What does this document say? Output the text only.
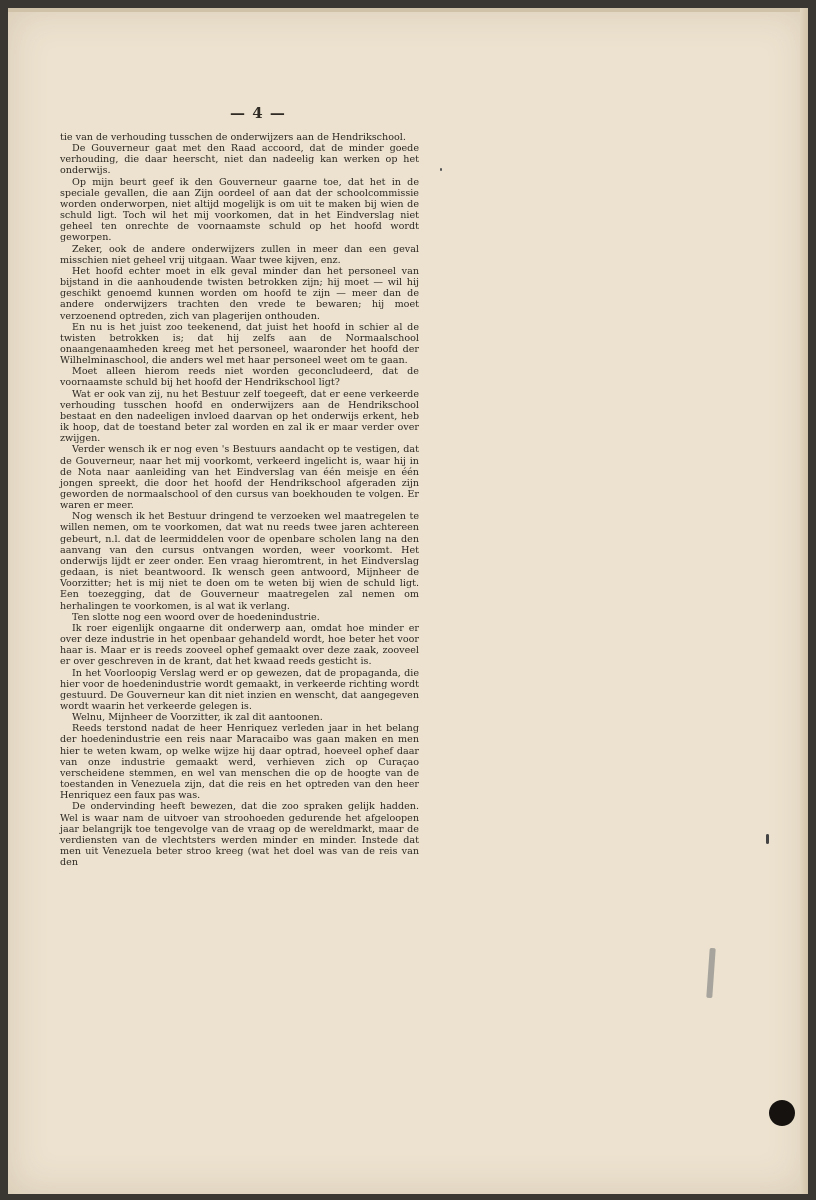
— 4 —

tie van de verhouding tusschen de onderwijzers aan de Hendrikschool.

De Gouverneur gaat met den Raad accoord, dat de minder goede verhouding, die daar heerscht, niet dan nadeelig kan werken op het onderwijs.

Op mijn beurt geef ik den Gouverneur gaarne toe, dat het in de speciale gevallen, die aan Zijn oordeel of aan dat der schoolcommissie worden onderworpen, niet altijd mogelijk is om uit te maken bij wien de schuld ligt. Toch wil het mij voorkomen, dat in het Eindverslag niet geheel ten onrechte de voornaamste schuld op het hoofd wordt geworpen.

Zeker, ook de andere onderwijzers zullen in meer dan een geval misschien niet geheel vrij uitgaan. Waar twee kijven, enz.

Het hoofd echter moet in elk geval minder dan het personeel van bijstand in die aanhoudende twisten betrokken zijn; hij moet — wil hij geschikt genoemd kunnen worden om hoofd te zijn — meer dan de andere onderwijzers trachten den vrede te bewaren; hij moet verzoenend optreden, zich van plagerijen onthouden.

En nu is het juist zoo teekenend, dat juist het hoofd in schier al de twisten betrokken is; dat hij zelfs aan de Normaalschool onaangenaamheden kreeg met het personeel, waaronder het hoofd der Wilhelminaschool, die anders wel met haar personeel weet om te gaan.

Moet alleen hierom reeds niet worden geconcludeerd, dat de voornaamste schuld bij het hoofd der Hendrikschool ligt?

Wat er ook van zij, nu het Bestuur zelf toegeeft, dat er eene verkeerde verhouding tusschen hoofd en onderwijzers aan de Hendrikschool bestaat en den nadeeligen invloed daarvan op het onderwijs erkent, heb ik hoop, dat de toestand beter zal worden en zal ik er maar verder over zwijgen.

Verder wensch ik er nog even 's Bestuurs aandacht op te vestigen, dat de Gouverneur, naar het mij voorkomt, verkeerd ingelicht is, waar hij in de Nota naar aanleiding van het Eindverslag van één meisje en één jongen spreekt, die door het hoofd der Hendrikschool afgeraden zijn geworden de normaalschool of den cursus van boekhouden te volgen. Er waren er meer.

Nog wensch ik het Bestuur dringend te verzoeken wel maatregelen te willen nemen, om te voorkomen, dat wat nu reeds twee jaren achtereen gebeurt, n.l. dat de leermiddelen voor de openbare scholen lang na den aanvang van den cursus ontvangen worden, weer voorkomt. Het onderwijs lijdt er zeer onder. Een vraag hieromtrent, in het Eindverslag gedaan, is niet beantwoord. Ik wensch geen antwoord, Mijnheer de Voorzitter; het is mij niet te doen om te weten bij wien de schuld ligt. Een toezegging, dat de Gouverneur maatregelen zal nemen om herhalingen te voorkomen, is al wat ik verlang.

Ten slotte nog een woord over de hoedenindustrie.

Ik roer eigenlijk ongaarne dit onderwerp aan, omdat hoe minder er over deze industrie in het openbaar gehandeld wordt, hoe beter het voor haar is. Maar er is reeds zooveel ophef gemaakt over deze zaak, zooveel er over geschreven in de krant, dat het kwaad reeds gesticht is.

In het Voorloopig Verslag werd er op gewezen, dat de propaganda, die hier voor de hoedenindustrie wordt gemaakt, in verkeerde richting wordt gestuurd. De Gouverneur kan dit niet inzien en wenscht, dat aangegeven wordt waarin het verkeerde gelegen is.

Welnu, Mijnheer de Voorzitter, ik zal dit aantoonen.

Reeds terstond nadat de heer Henriquez verleden jaar in het belang der hoedenindustrie een reis naar Maracaibo was gaan maken en men hier te weten kwam, op welke wijze hij daar optrad, hoeveel ophef daar van onze industrie gemaakt werd, verhieven zich op Curaçao verscheidene stemmen, en wel van menschen die op de hoogte van de toestanden in Venezuela zijn, dat die reis en het optreden van den heer Henriquez een faux pas was.

De ondervinding heeft bewezen, dat die zoo spraken gelijk hadden. Wel is waar nam de uitvoer van stroohoeden gedurende het afgeloopen jaar belangrijk toe tengevolge van de vraag op de wereldmarkt, maar de verdiensten van de vlechtsters werden minder en minder. Instede dat men uit Venezuela beter stroo kreeg (wat het doel was van de reis van den
